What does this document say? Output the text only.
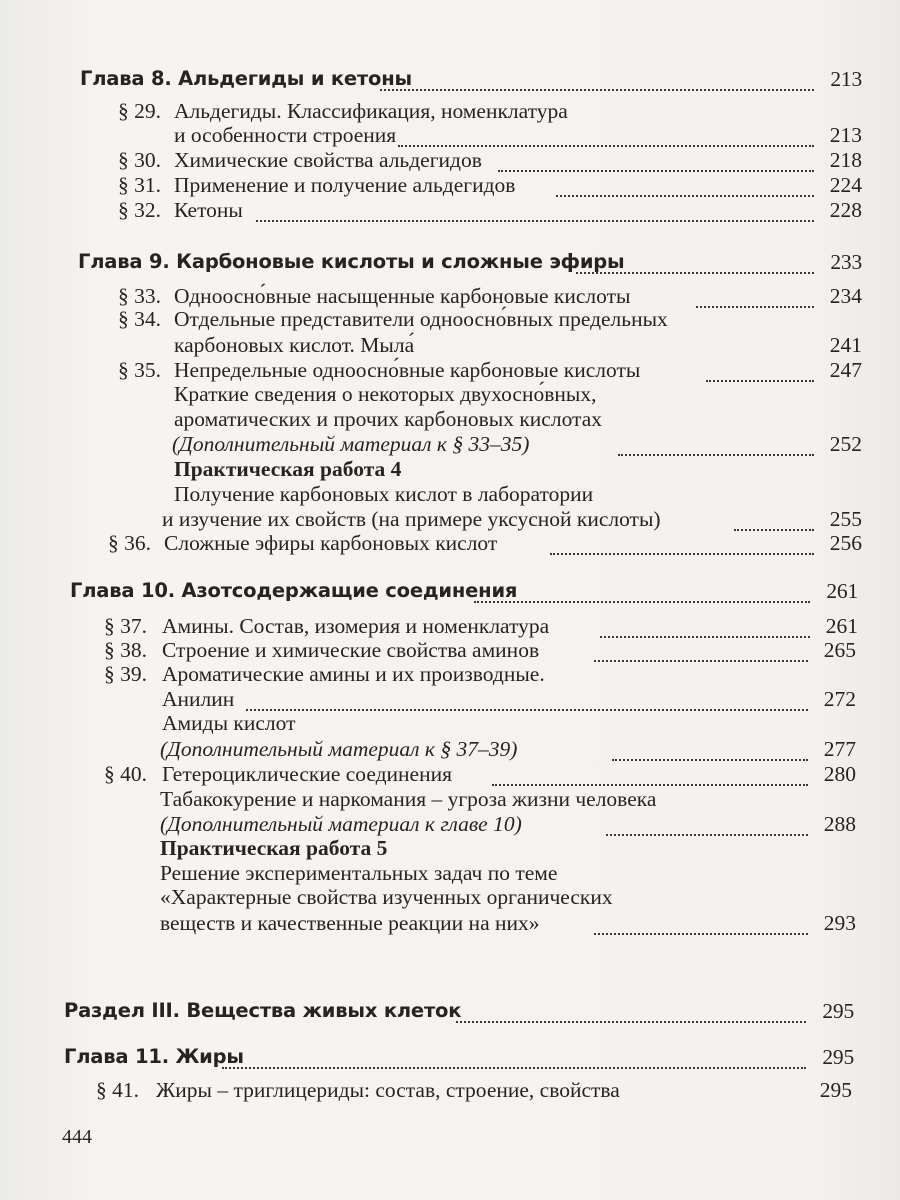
Глава 8. Альдегиды и кетоны	213
§ 29. Альдегиды. Классификация, номенклатура
и особенности строения	213
§ 30. Химические свойства альдегидов	218
§ 31. Применение и получение альдегидов	224
§ 32. Кетоны	228
Глава 9. Карбоновые кислоты и сложные эфиры	233
§ 33. Одноосно́вные насыщенные карбоновые кислоты	234
§ 34. Отдельные представители одноосно́вных предельных
карбоновых кислот. Мыла́	241
§ 35. Непредельные одноосно́вные карбоновые кислоты	247
Краткие сведения о некоторых двухосно́вных,
ароматических и прочих карбоновых кислотах
(Дополнительный материал к § 33–35)	252
Практическая работа 4
Получение карбоновых кислот в лаборатории
и изучение их свойств (на примере уксусной кислоты)	255
§ 36. Сложные эфиры карбоновых кислот	256
Глава 10. Азотсодержащие соединения	261
§ 37. Амины. Состав, изомерия и номенклатура	261
§ 38. Строение и химические свойства аминов	265
§ 39. Ароматические амины и их производные.
Анилин	272
Амиды кислот
(Дополнительный материал к § 37–39)	277
§ 40. Гетероциклические соединения	280
Табакокурение и наркомания – угроза жизни человека
(Дополнительный материал к главе 10)	288
Практическая работа 5
Решение экспериментальных задач по теме
«Характерные свойства изученных органических
веществ и качественные реакции на них»	293
Раздел III. Вещества живых клеток	295
Глава 11. Жиры	295
§ 41. Жиры – триглицериды: состав, строение, свойства	295
444
